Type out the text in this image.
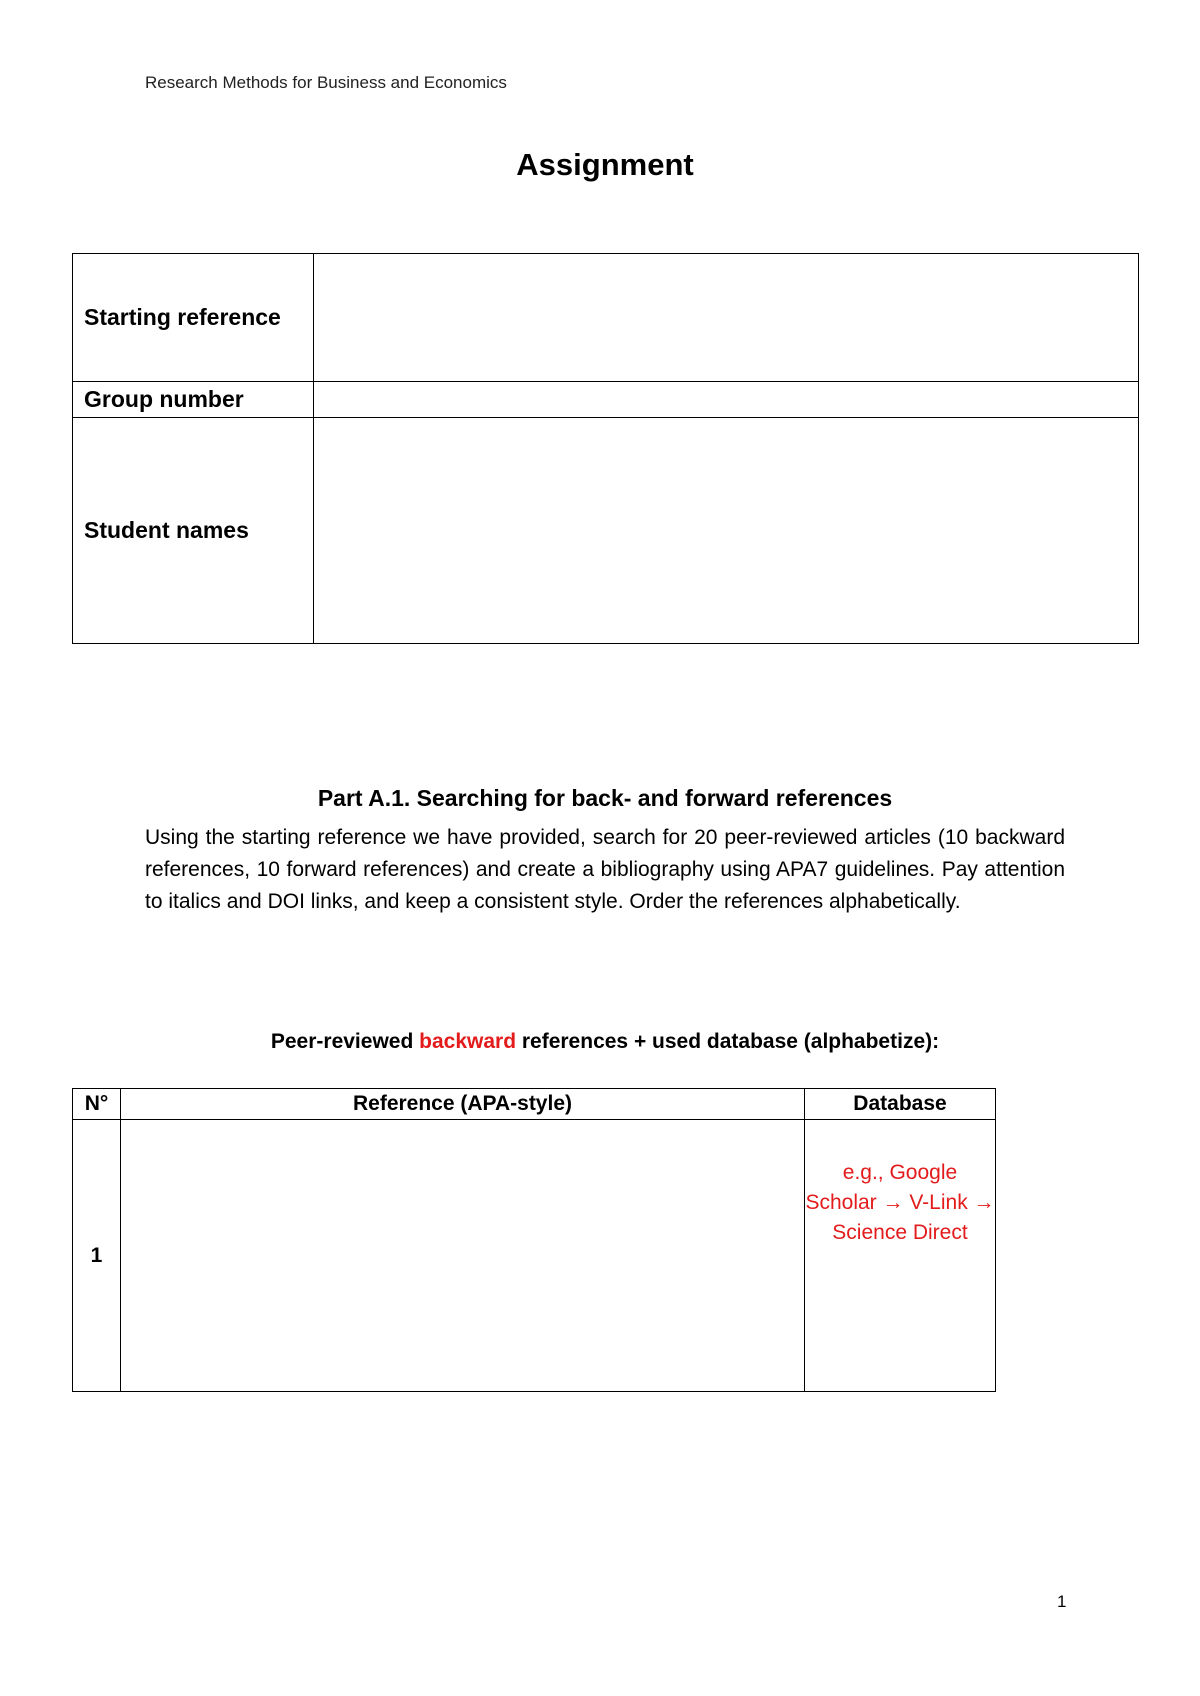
Research Methods for Business and Economics
Assignment
Starting reference	
Group number	
Student names	
Part A.1. Searching for back- and forward references
Using the starting reference we have provided, search for 20 peer-reviewed articles (10 backward references, 10 forward references) and create a bibliography using APA7 guidelines. Pay attention to italics and DOI links, and keep a consistent style. Order the references alphabetically.
Peer-reviewed backward references + used database (alphabetize):
N°	Reference (APA-style)	Database
1		e.g., Google Scholar → V-Link → Science Direct
1
